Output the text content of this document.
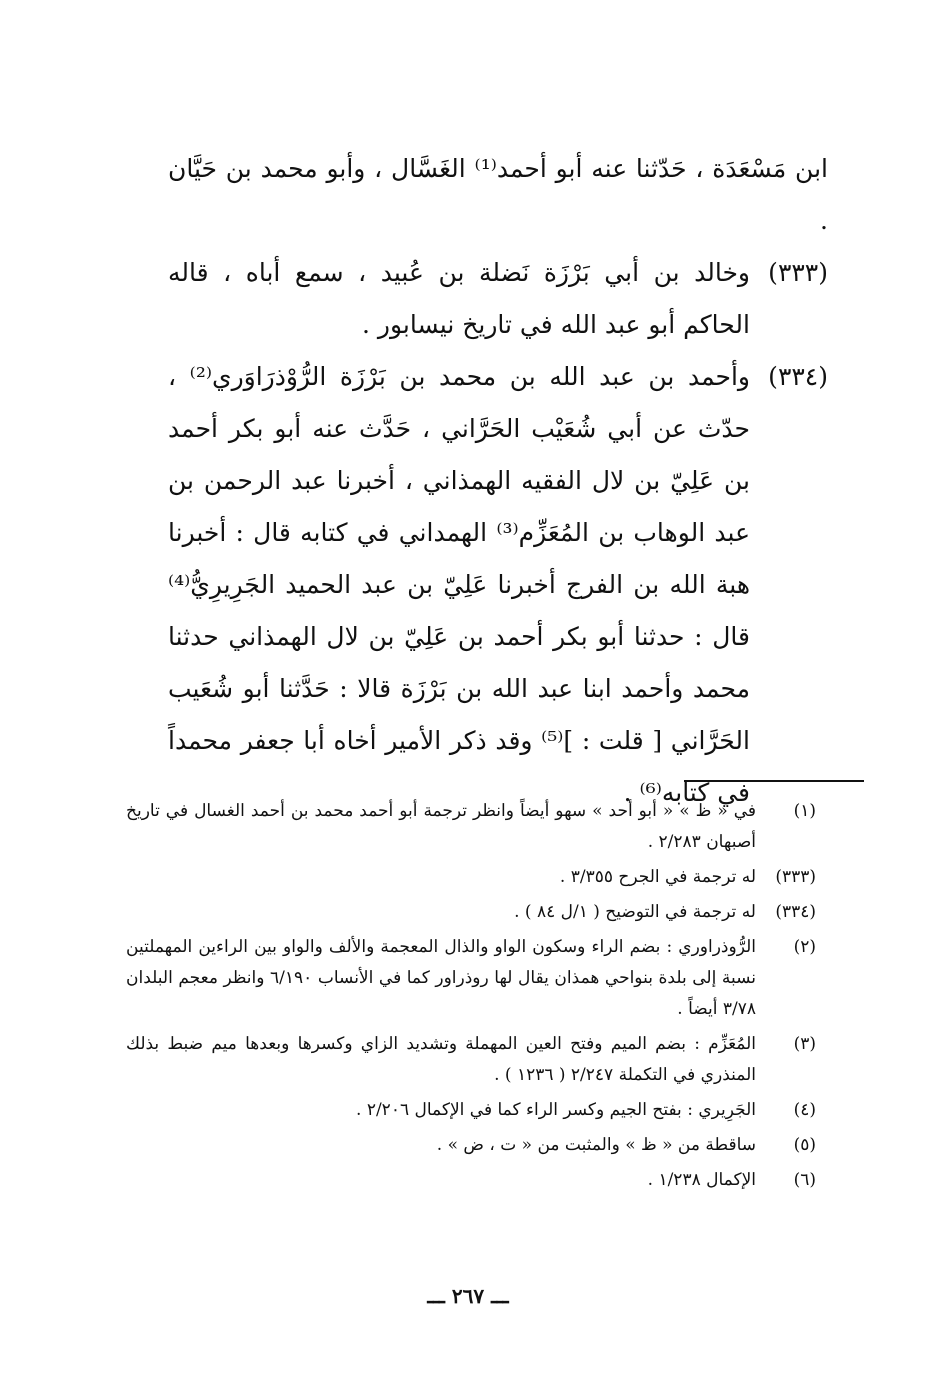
ابن مَسْعَدَة ، حَدّثنا عنه أبو أحمد⁽¹⁾ الغَسَّال ، وأبو محمد بن حَيَّان .
(٣٣٣)
وخالد بن أبي بَرْزَة نَضلة بن عُبيد ، سمع أباه ، قاله الحاكم أبو عبد الله في تاريخ نيسابور .
(٣٣٤)
وأحمد بن عبد الله بن محمد بن بَرْزَة الرُّوْذرَاوَري⁽²⁾ ، حدّث عن أبي شُعَيْب الحَرَّاني ، حَدَّث عنه أبو بكر أحمد بن عَلِيّ بن لال الفقيه الهمذاني ، أخبرنا عبد الرحمن بن عبد الوهاب بن المُعَزِّم⁽³⁾ الهمداني في كتابه قال : أخبرنا هبة الله بن الفرج أخبرنا عَلِيّ بن عبد الحميد الجَرِيرِيُّ⁽⁴⁾ قال : حدثنا أبو بكر أحمد بن عَلِيّ بن لال الهمذاني حدثنا محمد وأحمد ابنا عبد الله بن بَرْزَة قالا : حَدَّثنا أبو شُعَيب الحَرَّاني [ قلت : ]⁽⁵⁾ وقد ذكر الأمير أخاه أبا جعفر محمداً في كتابه⁽⁶⁾ .
(١)
في « ظ » « أبو أحد » سهو أيضاً وانظر ترجمة أبو أحمد محمد بن أحمد الغسال في تاريخ أصبهان ٢/٢٨٣ .
(٣٣٣)
له ترجمة في الجرح ٣/٣٥٥ .
(٣٣٤)
له ترجمة في التوضيح ( ١/ل ٨٤ ) .
(٢)
الرُّوذراوري : بضم الراء وسكون الواو والذال المعجمة والألف والواو بين الراءين المهملتين نسبة إلى بلدة بنواحي همذان يقال لها روذراور كما في الأنساب ٦/١٩٠ وانظر معجم البلدان ٣/٧٨ أيضاً .
(٣)
المُعَزِّم : بضم الميم وفتح العين المهملة وتشديد الزاي وكسرها وبعدها ميم ضبط بذلك المنذري في التكملة ٢/٢٤٧ ( ١٢٣٦ ) .
(٤)
الجَرِيري : بفتح الجيم وكسر الراء كما في الإكمال ٢/٢٠٦ .
(٥)
ساقطة من « ظ » والمثبت من « ت ، ض » .
(٦)
الإكمال ١/٢٣٨ .
ـــ ٢٦٧ ـــ
